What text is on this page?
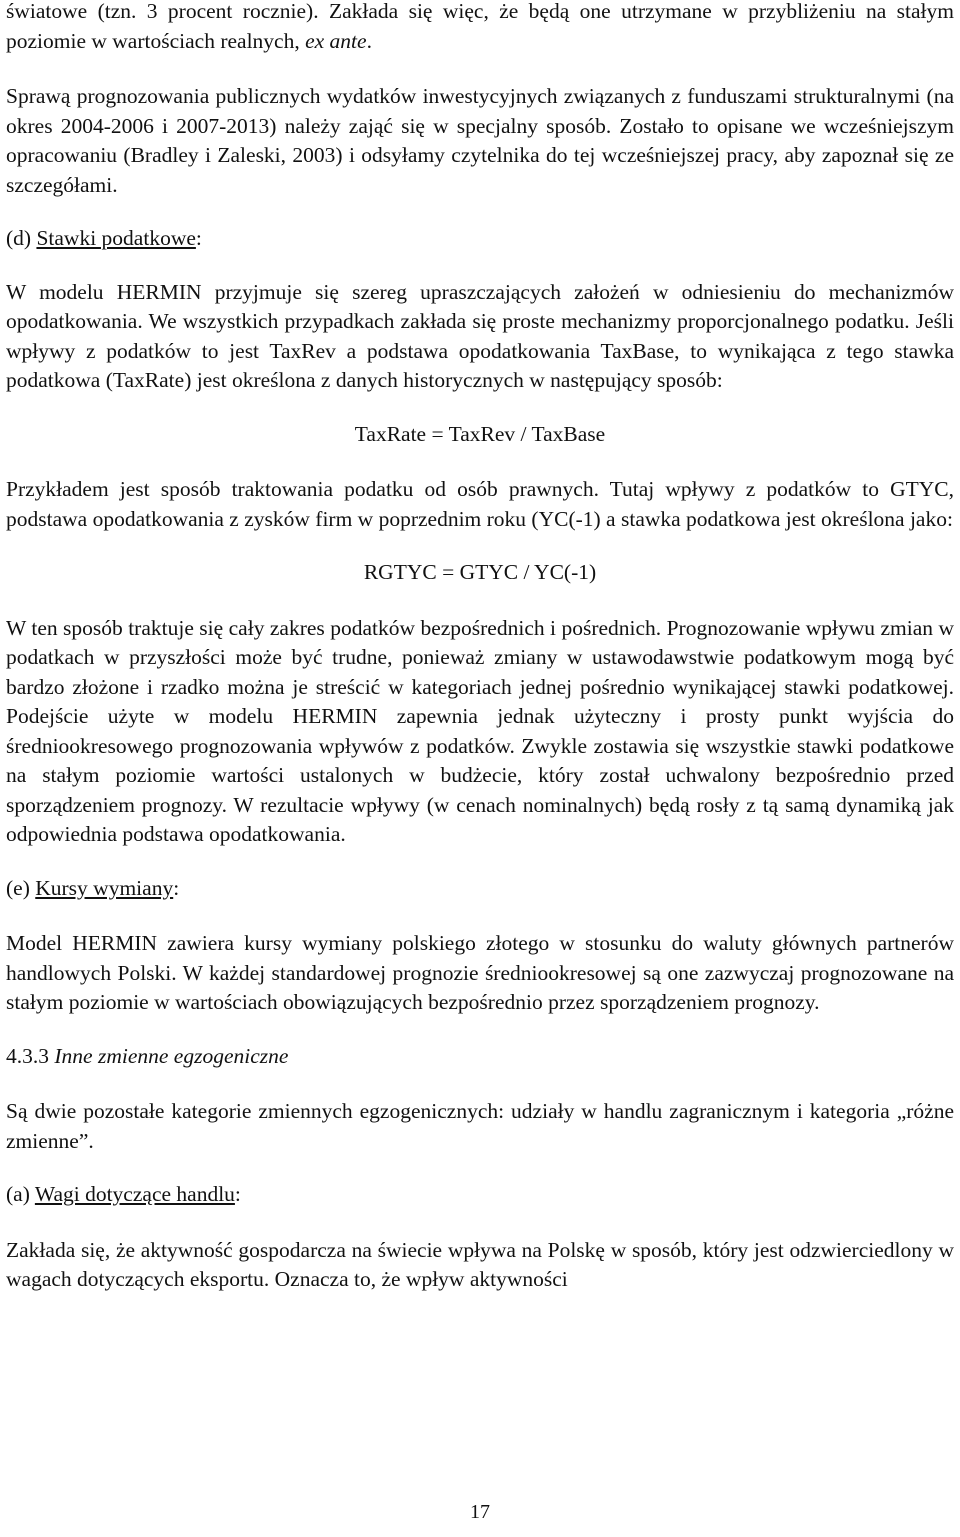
światowe (tzn. 3 procent rocznie). Zakłada się więc, że będą one utrzymane w przybliżeniu na stałym poziomie w wartościach realnych, ex ante.

Sprawą prognozowania publicznych wydatków inwestycyjnych związanych z funduszami strukturalnymi (na okres 2004-2006 i 2007-2013) należy zająć się w specjalny sposób. Zostało to opisane we wcześniejszym opracowaniu (Bradley i Zaleski, 2003) i odsyłamy czytelnika do tej wcześniejszej pracy, aby zapoznał się ze szczegółami.

(d) Stawki podatkowe:

W modelu HERMIN przyjmuje się szereg upraszczających założeń w odniesieniu do mechanizmów opodatkowania. We wszystkich przypadkach zakłada się proste mechanizmy proporcjonalnego podatku. Jeśli wpływy z podatków to jest TaxRev a podstawa opodatkowania TaxBase, to wynikająca z tego stawka podatkowa (TaxRate) jest określona z danych historycznych w następujący sposób:

TaxRate = TaxRev / TaxBase

Przykładem jest sposób traktowania podatku od osób prawnych. Tutaj wpływy z podatków to GTYC, podstawa opodatkowania z zysków firm w poprzednim roku (YC(-1) a stawka podatkowa jest określona jako:

RGTYC = GTYC / YC(-1)

W ten sposób traktuje się cały zakres podatków bezpośrednich i pośrednich. Prognozowanie wpływu zmian w podatkach w przyszłości może być trudne, ponieważ zmiany w ustawodawstwie podatkowym mogą być bardzo złożone i rzadko można je streścić w kategoriach jednej pośrednio wynikającej stawki podatkowej. Podejście użyte w modelu HERMIN zapewnia jednak użyteczny i prosty punkt wyjścia do średniookresowego prognozowania wpływów z podatków. Zwykle zostawia się wszystkie stawki podatkowe na stałym poziomie wartości ustalonych w budżecie, który został uchwalony bezpośrednio przed sporządzeniem prognozy. W rezultacie wpływy (w cenach nominalnych) będą rosły z tą samą dynamiką jak odpowiednia podstawa opodatkowania.

(e) Kursy wymiany:

Model HERMIN zawiera kursy wymiany polskiego złotego w stosunku do waluty głównych partnerów handlowych Polski. W każdej standardowej prognozie średniookresowej są one zazwyczaj prognozowane na stałym poziomie w wartościach obowiązujących bezpośrednio przez sporządzeniem prognozy.

4.3.3 Inne zmienne egzogeniczne

Są dwie pozostałe kategorie zmiennych egzogenicznych: udziały w handlu zagranicznym i kategoria „różne zmienne”.

(a) Wagi dotyczące handlu:

Zakłada się, że aktywność gospodarcza na świecie wpływa na Polskę w sposób, który jest odzwierciedlony w wagach dotyczących eksportu. Oznacza to, że wpływ aktywności

17
